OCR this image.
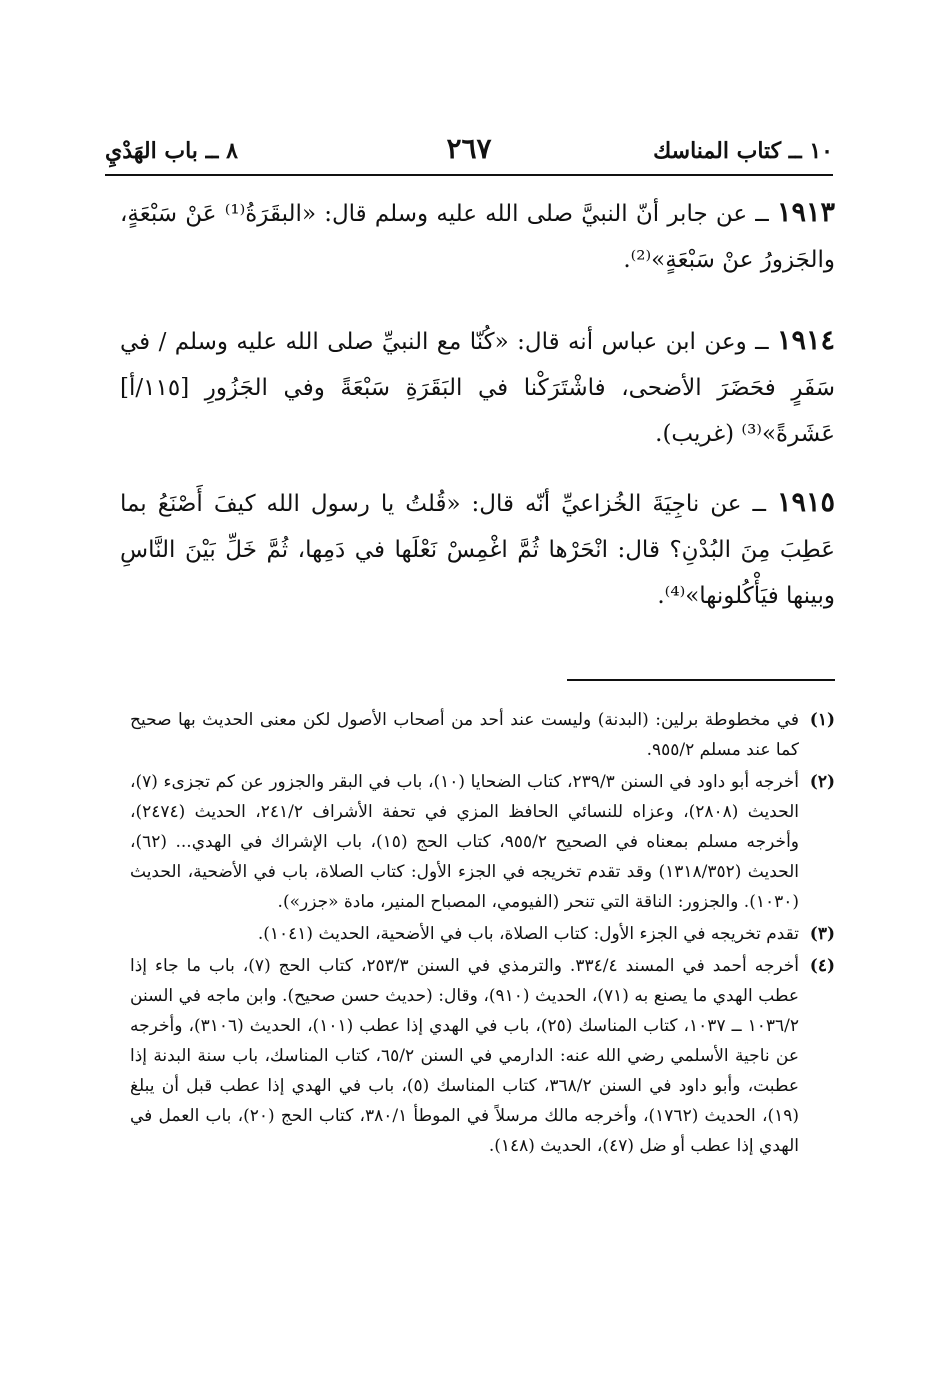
١٠ ــ كتاب المناسك
٢٦٧
٨ ــ باب الهَدْيِ
١٩١٣ ــ عن جابر أنّ النبيَّ صلى الله عليه وسلم قال: «البقَرَةُ⁽¹⁾ عَنْ سَبْعَةٍ، والجَزورُ عنْ سَبْعَةٍ»⁽²⁾.
١٩١٤ ــ وعن ابن عباس أنه قال: «كُنّا مع النبيِّ صلى الله عليه وسلم / في سَفَرٍ فحَضَرَ الأضحى، فاشْتَرَكْنا في البَقَرَةِ سَبْعَةً وفي الجَزُورِ [١١٥/أ] عَشَرةً»⁽³⁾ (غريب).
١٩١٥ ــ عن ناجِيَةَ الخُزاعيِّ أنّه قال: «قُلتُ يا رسول الله كيفَ أَصْنَعُ بما عَطِبَ مِنَ البُدْنِ؟ قال: انْحَرْها ثُمَّ اغْمِسْ نَعْلَها في دَمِها، ثُمَّ خَلِّ بَيْنَ النَّاسِ وبينها فيَأْكُلونها»⁽⁴⁾.
(١)
في مخطوطة برلين: (البدنة) وليست عند أحد من أصحاب الأصول لكن معنى الحديث بها صحيح كما عند مسلم ٩٥٥/٢.
(٢)
أخرجه أبو داود في السنن ٢٣٩/٣، كتاب الضحايا (١٠)، باب في البقر والجزور عن كم تجزىء (٧)، الحديث (٢٨٠٨)، وعزاه للنسائي الحافظ المزي في تحفة الأشراف ٢٤١/٢، الحديث (٢٤٧٤)، وأخرجه مسلم بمعناه في الصحيح ٩٥٥/٢، كتاب الحج (١٥)، باب الإشراك في الهدي... (٦٢)، الحديث (١٣١٨/٣٥٢) وقد تقدم تخريجه في الجزء الأول: كتاب الصلاة، باب في الأضحية، الحديث (١٠٣٠). والجزور: الناقة التي تنحر (الفيومي، المصباح المنير، مادة «جزر»).
(٣)
تقدم تخريجه في الجزء الأول: كتاب الصلاة، باب في الأضحية، الحديث (١٠٤١).
(٤)
أخرجه أحمد في المسند ٣٣٤/٤. والترمذي في السنن ٢٥٣/٣، كتاب الحج (٧)، باب ما جاء إذا عطب الهدي ما يصنع به (٧١)، الحديث (٩١٠)، وقال: (حديث حسن صحيح). وابن ماجه في السنن ١٠٣٦/٢ ــ ١٠٣٧، كتاب المناسك (٢٥)، باب في الهدي إذا عطب (١٠١)، الحديث (٣١٠٦)، وأخرجه عن ناجية الأسلمي رضي الله عنه: الدارمي في السنن ٦٥/٢، كتاب المناسك، باب سنة البدنة إذا عطبت، وأبو داود في السنن ٣٦٨/٢، كتاب المناسك (٥)، باب في الهدي إذا عطب قبل أن يبلغ (١٩)، الحديث (١٧٦٢)، وأخرجه مالك مرسلاً في الموطأ ٣٨٠/١، كتاب الحج (٢٠)، باب العمل في الهدي إذا عطب أو ضل (٤٧)، الحديث (١٤٨).
